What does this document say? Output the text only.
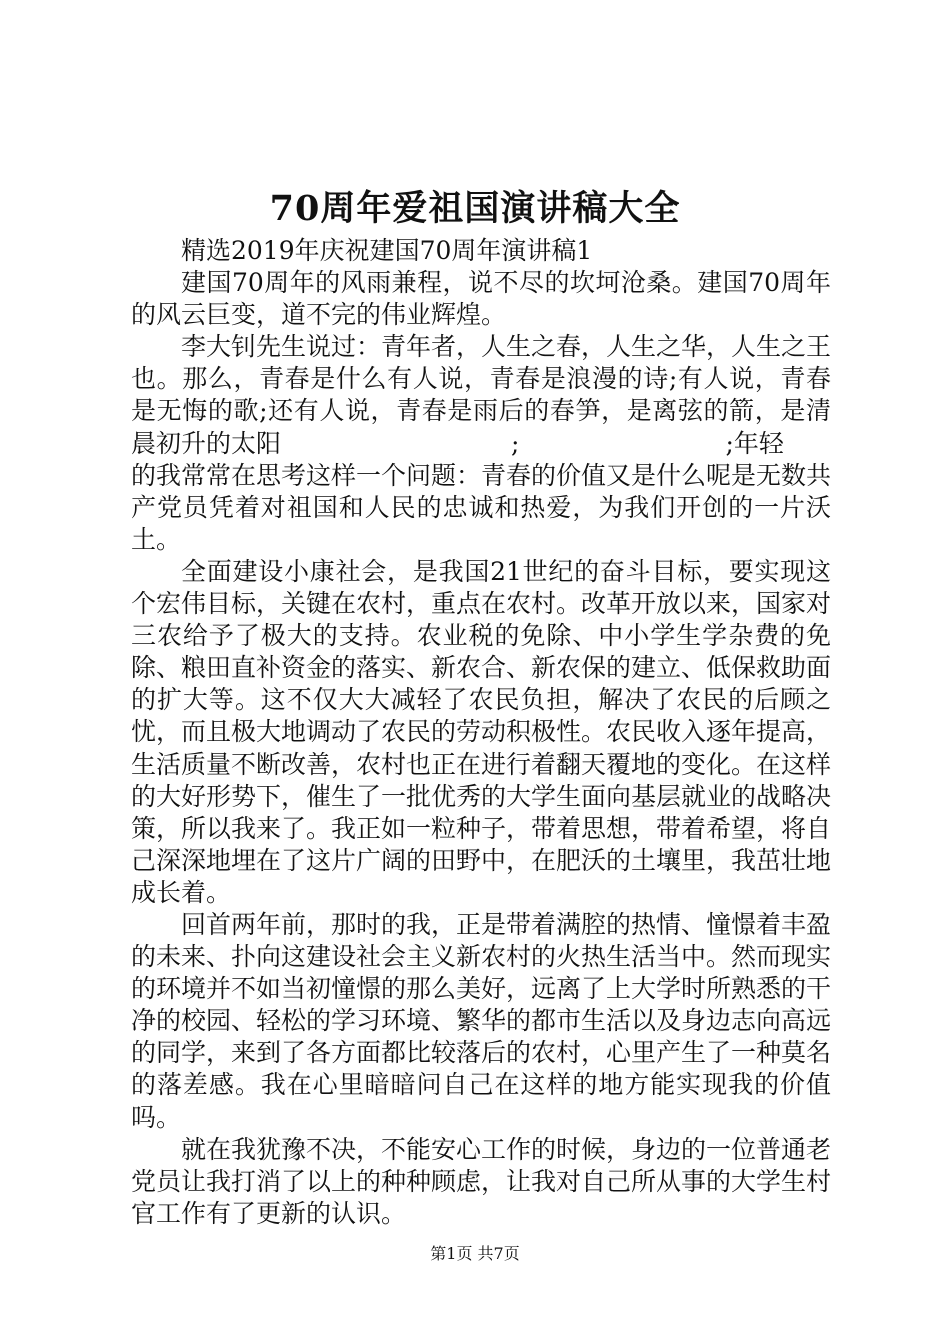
70周年爱祖国演讲稿大全

精选2019年庆祝建国70周年演讲稿1

建国70周年的风雨兼程，说不尽的坎坷沧桑。建国70周年的风云巨变，道不完的伟业辉煌。

李大钊先生说过：青年者，人生之春，人生之华，人生之王也。那么，青春是什么有人说，青春是浪漫的诗;有人说，青春是无悔的歌;还有人说，青春是雨后的春笋，是离弦的箭，是清晨初升的太阳	;	;年轻
的我常常在思考这样一个问题：青春的价值又是什么呢是无数共产党员凭着对祖国和人民的忠诚和热爱，为我们开创的一片沃土。

全面建设小康社会，是我国21世纪的奋斗目标，要实现这个宏伟目标，关键在农村，重点在农村。改革开放以来，国家对三农给予了极大的支持。农业税的免除、中小学生学杂费的免除、粮田直补资金的落实、新农合、新农保的建立、低保救助面的扩大等。这不仅大大减轻了农民负担，解决了农民的后顾之忧，而且极大地调动了农民的劳动积极性。农民收入逐年提高，生活质量不断改善，农村也正在进行着翻天覆地的变化。在这样的大好形势下，催生了一批优秀的大学生面向基层就业的战略决策，所以我来了。我正如一粒种子，带着思想，带着希望，将自己深深地埋在了这片广阔的田野中，在肥沃的土壤里，我茁壮地成长着。

回首两年前，那时的我，正是带着满腔的热情、憧憬着丰盈的未来、扑向这建设社会主义新农村的火热生活当中。然而现实的环境并不如当初憧憬的那么美好，远离了上大学时所熟悉的干净的校园、轻松的学习环境、繁华的都市生活以及身边志向高远的同学，来到了各方面都比较落后的农村，心里产生了一种莫名的落差感。我在心里暗暗问自己在这样的地方能实现我的价值吗。

就在我犹豫不决，不能安心工作的时候，身边的一位普通老党员让我打消了以上的种种顾虑，让我对自己所从事的大学生村官工作有了更新的认识。

第1页 共7页
